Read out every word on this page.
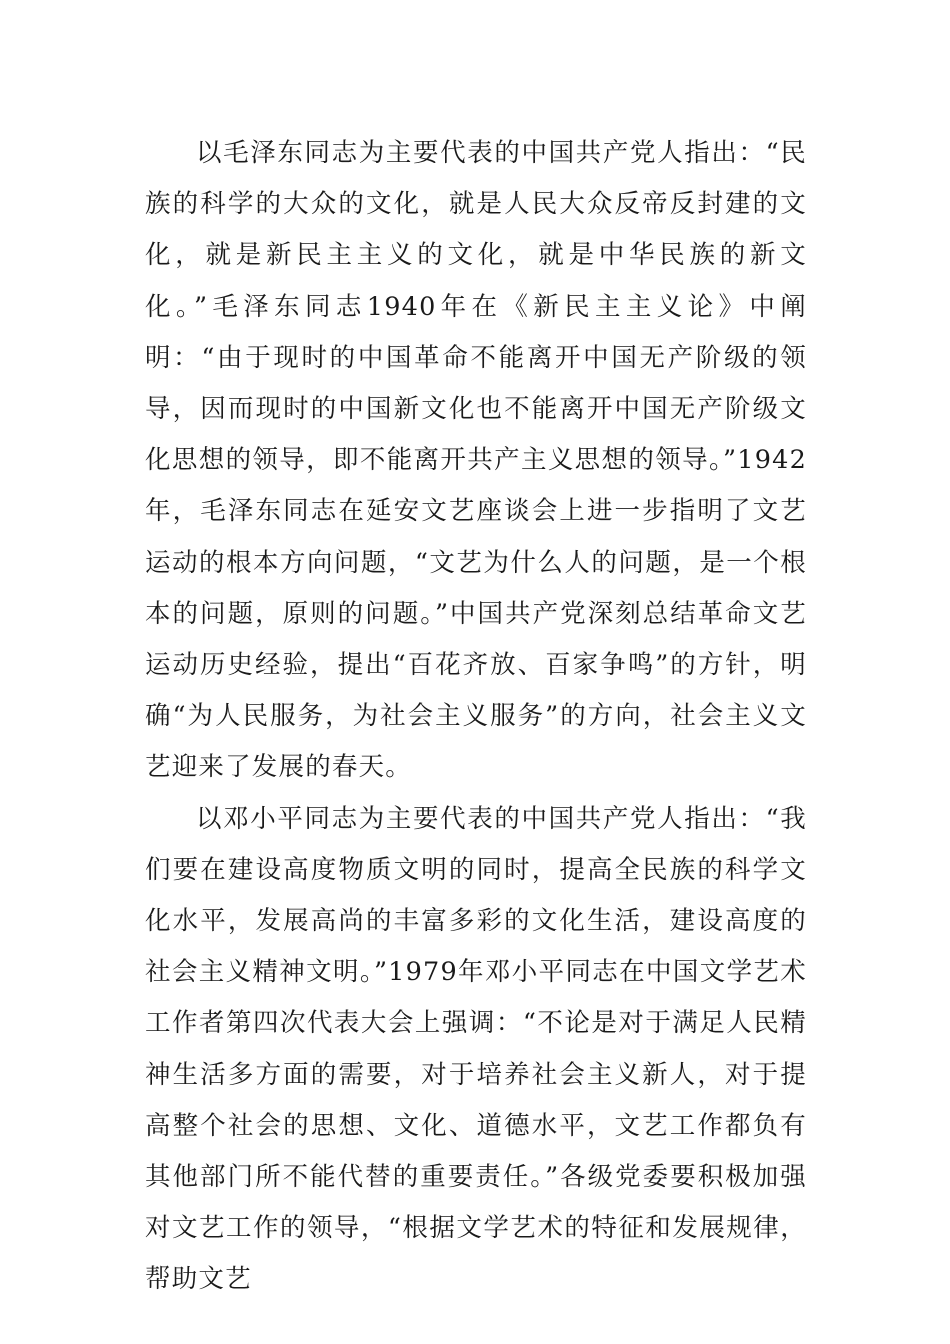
以毛泽东同志为主要代表的中国共产党人指出：“民族的科学的大众的文化，就是人民大众反帝反封建的文化，就是新民主主义的文化，就是中华民族的新文化。”毛泽东同志1940年在《新民主主义论》中阐明：“由于现时的中国革命不能离开中国无产阶级的领导，因而现时的中国新文化也不能离开中国无产阶级文化思想的领导，即不能离开共产主义思想的领导。”1942年，毛泽东同志在延安文艺座谈会上进一步指明了文艺运动的根本方向问题，“文艺为什么人的问题，是一个根本的问题，原则的问题。”中国共产党深刻总结革命文艺运动历史经验，提出“百花齐放、百家争鸣”的方针，明确“为人民服务，为社会主义服务”的方向，社会主义文艺迎来了发展的春天。

以邓小平同志为主要代表的中国共产党人指出：“我们要在建设高度物质文明的同时，提高全民族的科学文化水平，发展高尚的丰富多彩的文化生活，建设高度的社会主义精神文明。”1979年邓小平同志在中国文学艺术工作者第四次代表大会上强调：“不论是对于满足人民精神生活多方面的需要，对于培养社会主义新人，对于提高整个社会的思想、文化、道德水平，文艺工作都负有其他部门所不能代替的重要责任。”各级党委要积极加强对文艺工作的领导，“根据文学艺术的特征和发展规律，帮助文艺
